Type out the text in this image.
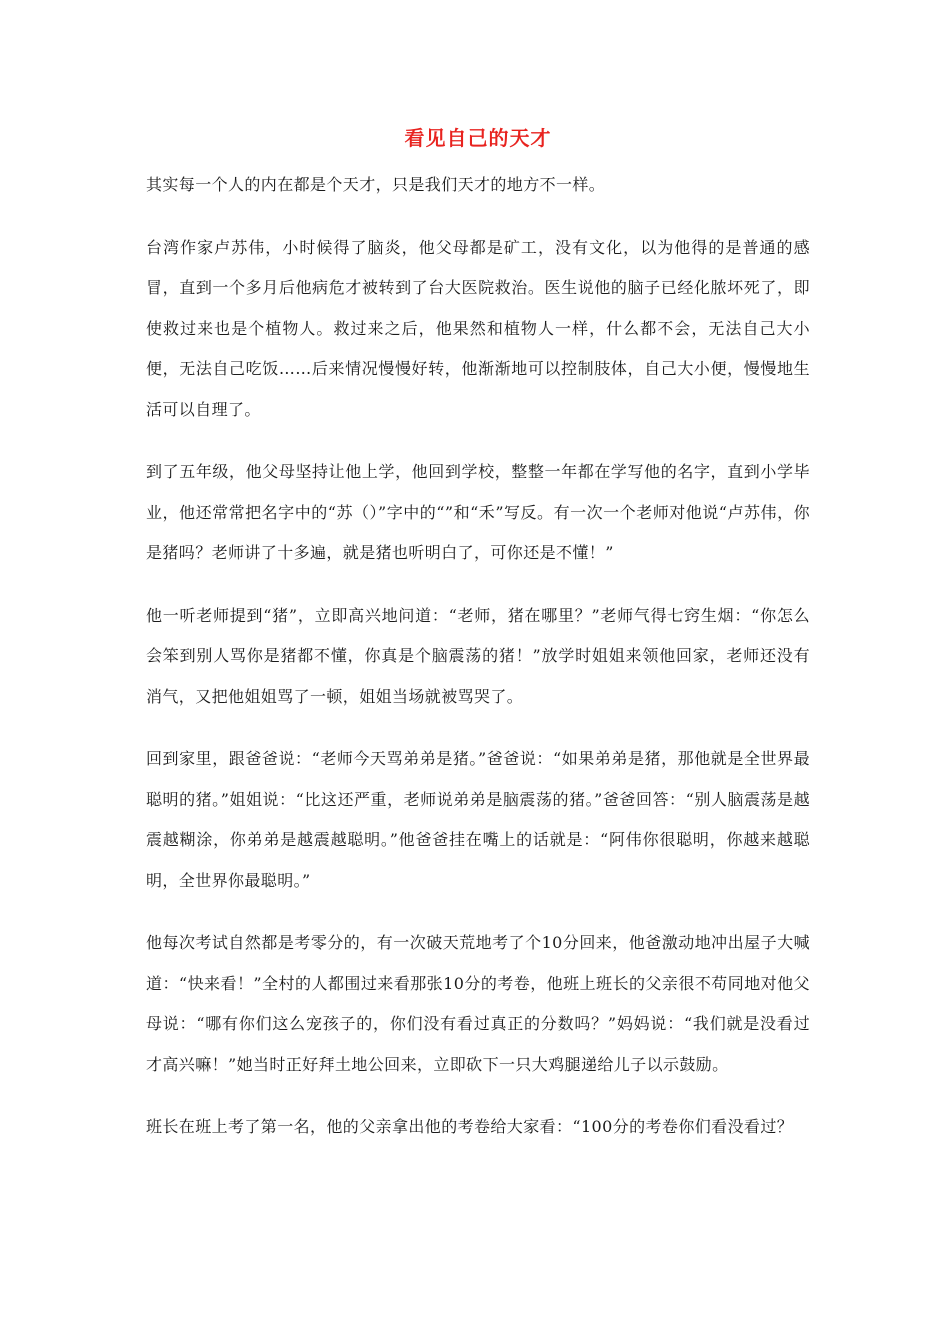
看见自己的天才

其实每一个人的内在都是个天才，只是我们天才的地方不一样。

台湾作家卢苏伟，小时候得了脑炎，他父母都是矿工，没有文化，以为他得的是普通的感冒，直到一个多月后他病危才被转到了台大医院救治。医生说他的脑子已经化脓坏死了，即使救过来也是个植物人。救过来之后，他果然和植物人一样，什么都不会，无法自己大小便，无法自己吃饭……后来情况慢慢好转，他渐渐地可以控制肢体，自己大小便，慢慢地生活可以自理了。

到了五年级，他父母坚持让他上学，他回到学校，整整一年都在学写他的名字，直到小学毕业，他还常常把名字中的“苏（）”字中的“”和“禾”写反。有一次一个老师对他说“卢苏伟，你是猪吗？老师讲了十多遍，就是猪也听明白了，可你还是不懂！”

他一听老师提到“猪”，立即高兴地问道：“老师，猪在哪里？”老师气得七窍生烟：“你怎么会笨到别人骂你是猪都不懂，你真是个脑震荡的猪！”放学时姐姐来领他回家，老师还没有消气，又把他姐姐骂了一顿，姐姐当场就被骂哭了。

回到家里，跟爸爸说：“老师今天骂弟弟是猪。”爸爸说：“如果弟弟是猪，那他就是全世界最聪明的猪。”姐姐说：“比这还严重，老师说弟弟是脑震荡的猪。”爸爸回答：“别人脑震荡是越震越糊涂，你弟弟是越震越聪明。”他爸爸挂在嘴上的话就是：“阿伟你很聪明，你越来越聪明，全世界你最聪明。”

他每次考试自然都是考零分的，有一次破天荒地考了个10分回来，他爸激动地冲出屋子大喊道：“快来看！”全村的人都围过来看那张10分的考卷，他班上班长的父亲很不苟同地对他父母说：“哪有你们这么宠孩子的，你们没有看过真正的分数吗？”妈妈说：“我们就是没看过才高兴嘛！”她当时正好拜土地公回来，立即砍下一只大鸡腿递给儿子以示鼓励。

班长在班上考了第一名，他的父亲拿出他的考卷给大家看：“100分的考卷你们看没看过？
